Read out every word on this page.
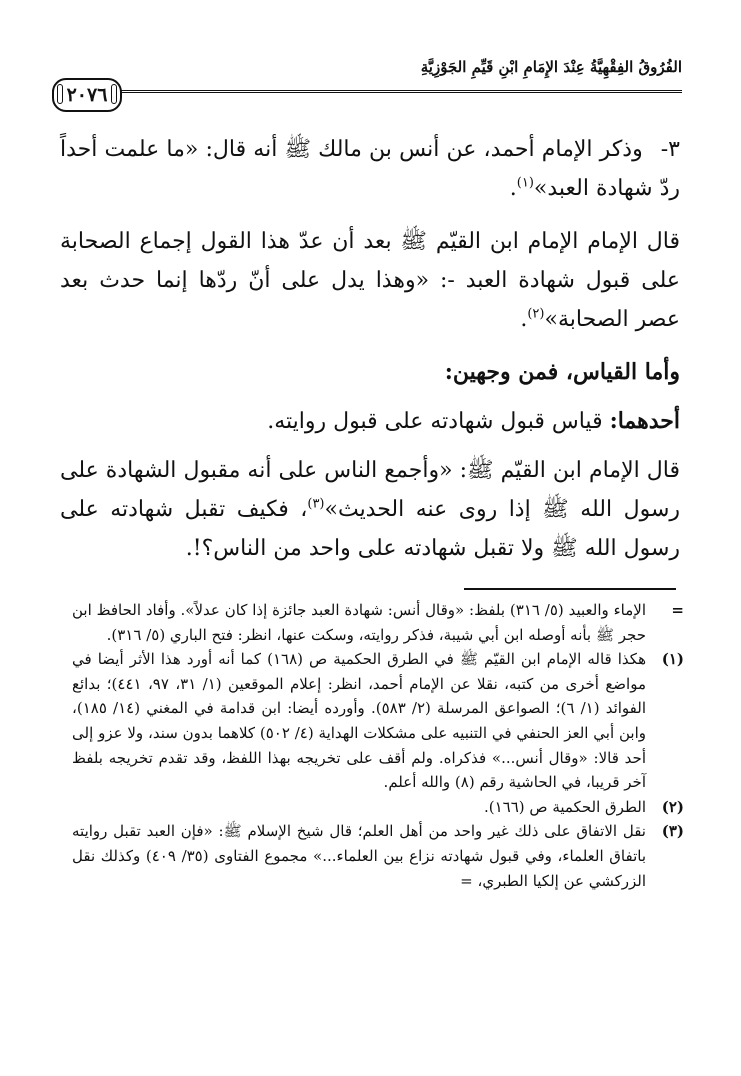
الفُرُوقُ الفِقْهِيَّةُ عِنْدَ الإِمَامِ ابْنِ قَيِّمِ الجَوْزِيَّةِ
٢٠٧٦

٣-وذكر الإمام أحمد، عن أنس بن مالك ﷺ أنه قال: «ما علمت أحداً ردّ شهادة العبد»$^{(١)}$.

قال الإمام الإمام ابن القيّم ﷺ بعد أن عدّ هذا القول إجماع الصحابة على قبول شهادة العبد -: «وهذا يدل على أنّ ردّها إنما حدث بعد عصر الصحابة»$^{(٢)}$.

وأما القياس، فمن وجهين:

أحدهما: قياس قبول شهادته على قبول روايته.

قال الإمام ابن القيّم ﷺ: «وأجمع الناس على أنه مقبول الشهادة على رسول الله ﷺ إذا روى عنه الحديث»$^{(٣)}$، فكيف تقبل شهادته على رسول الله ﷺ ولا تقبل شهادته على واحد من الناس؟!.

=
الإماء والعبيد (٥/ ٣١٦) بلفظ: «وقال أنس: شهادة العبد جائزة إذا كان عدلاً». وأفاد الحافظ ابن حجر ﷺ بأنه أوصله ابن أبي شيبة، فذكر روايته، وسكت عنها، انظر: فتح الباري (٥/ ٣١٦).

(١)
هكذا قاله الإمام ابن القيّم ﷺ في الطرق الحكمية ص (١٦٨) كما أنه أورد هذا الأثر أيضا في مواضع أخرى من كتبه، نقلا عن الإمام أحمد، انظر: إعلام الموقعين (١/ ٣١، ٩٧، ٤٤١)؛ بدائع الفوائد (١/ ٦)؛ الصواعق المرسلة (٢/ ٥٨٣). وأورده أيضا: ابن قدامة في المغني (١٤/ ١٨٥)، وابن أبي العز الحنفي في التنبيه على مشكلات الهداية (٤/ ٥٠٢) كلاهما بدون سند، ولا عزو إلى أحد قالا: «وقال أنس...» فذكراه. ولم أقف على تخريجه بهذا اللفظ، وقد تقدم تخريجه بلفظ آخر قريبا، في الحاشية رقم (٨) والله أعلم.

(٢)
الطرق الحكمية ص (١٦٦).

(٣)
نقل الاتفاق على ذلك غير واحد من أهل العلم؛ قال شيخ الإسلام ﷺ: «فإن العبد تقبل روايته باتفاق العلماء، وفي قبول شهادته نزاع بين العلماء...» مجموع الفتاوى (٣٥/ ٤٠٩) وكذلك نقل الزركشي عن إلكيا الطبري، =
